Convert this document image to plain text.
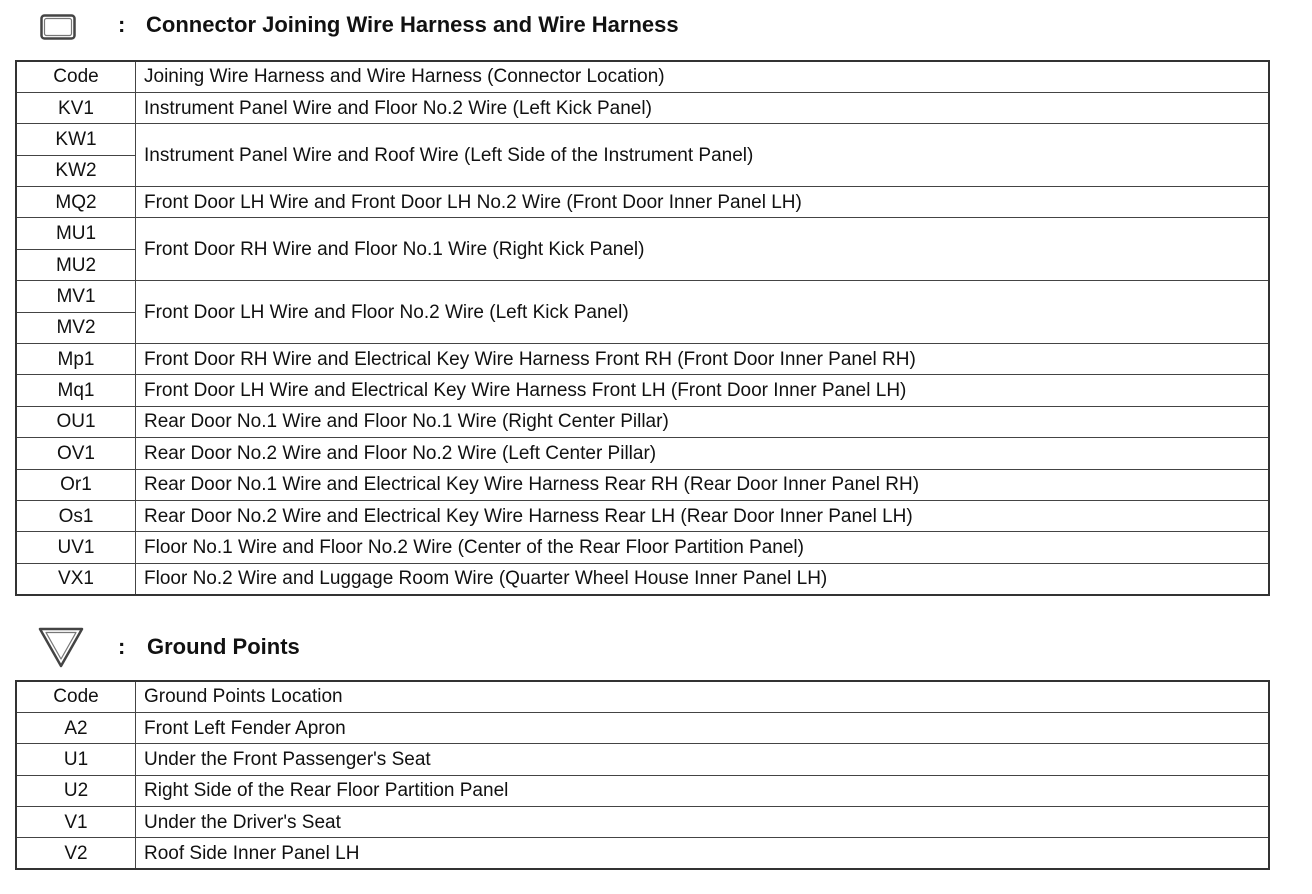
: Connector Joining Wire Harness and Wire Harness
Code	Joining Wire Harness and Wire Harness (Connector Location)
KV1	Instrument Panel Wire and Floor No.2 Wire (Left Kick Panel)
KW1	Instrument Panel Wire and Roof Wire (Left Side of the Instrument Panel)
KW2	
MQ2	Front Door LH Wire and Front Door LH No.2 Wire (Front Door Inner Panel LH)
MU1	Front Door RH Wire and Floor No.1 Wire (Right Kick Panel)
MU2	
MV1	Front Door LH Wire and Floor No.2 Wire (Left Kick Panel)
MV2	
Mp1	Front Door RH Wire and Electrical Key Wire Harness Front RH (Front Door Inner Panel RH)
Mq1	Front Door LH Wire and Electrical Key Wire Harness Front LH (Front Door Inner Panel LH)
OU1	Rear Door No.1 Wire and Floor No.1 Wire (Right Center Pillar)
OV1	Rear Door No.2 Wire and Floor No.2 Wire (Left Center Pillar)
Or1	Rear Door No.1 Wire and Electrical Key Wire Harness Rear RH (Rear Door Inner Panel RH)
Os1	Rear Door No.2 Wire and Electrical Key Wire Harness Rear LH (Rear Door Inner Panel LH)
UV1	Floor No.1 Wire and Floor No.2 Wire (Center of the Rear Floor Partition Panel)
VX1	Floor No.2 Wire and Luggage Room Wire (Quarter Wheel House Inner Panel LH)
: Ground Points
Code	Ground Points Location
A2	Front Left Fender Apron
U1	Under the Front Passenger's Seat
U2	Right Side of the Rear Floor Partition Panel
V1	Under the Driver's Seat
V2	Roof Side Inner Panel LH
